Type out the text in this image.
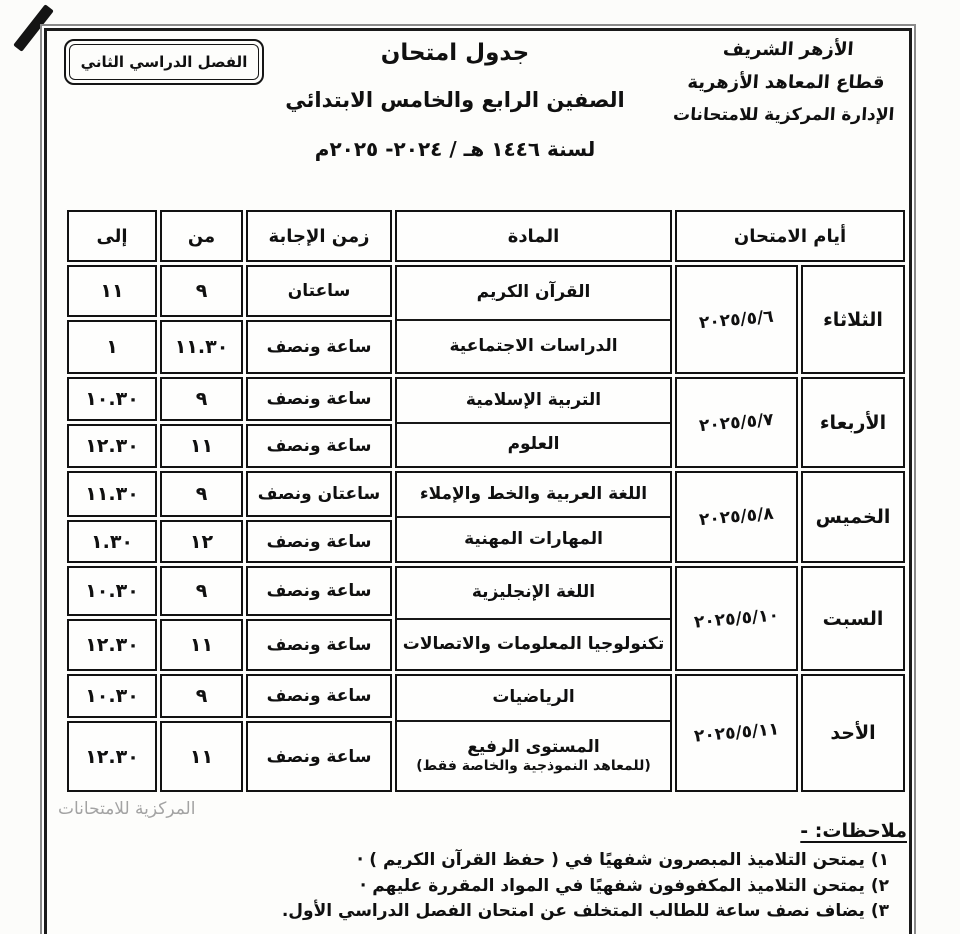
الفصل الدراسي الثاني	جدول امتحان
الصفين الرابع والخامس الابتدائي
لسنة ١٤٤٦ هـ / ٢٠٢٤- ٢٠٢٥م
الأزهر الشريف
قطاع المعاهد الأزهرية
الإدارة المركزية للامتحانات
أيام الامتحان
المادة
زمن الإجابة
من
إلى
الثلاثاء
٢٠٢٥/٥/٦
القرآن الكريم
الدراسات الاجتماعية
ساعتان
٩
١١
ساعة ونصف
١١.٣٠
١
الأربعاء
٢٠٢٥/٥/٧
التربية الإسلامية
العلوم
ساعة ونصف
٩
١٠.٣٠
ساعة ونصف
١١
١٢.٣٠
الخميس
٢٠٢٥/٥/٨
اللغة العربية والخط والإملاء
المهارات المهنية
ساعتان ونصف
٩
١١.٣٠
ساعة ونصف
١٢
١.٣٠
السبت
٢٠٢٥/٥/١٠
اللغة الإنجليزية
تكنولوجيا المعلومات والاتصالات
ساعة ونصف
٩
١٠.٣٠
ساعة ونصف
١١
١٢.٣٠
الأحد
٢٠٢٥/٥/١١
الرياضيات
المستوى الرفيع
(للمعاهد النموذجية والخاصة فقط)
ساعة ونصف
٩
١٠.٣٠
ساعة ونصف
١١
١٢.٣٠
المركزية للامتحانات
ملاحظات: -
١) يمتحن التلاميذ المبصرون شفهيًا في ( حفظ القرآن الكريم ) ·
٢) يمتحن التلاميذ المكفوفون شفهيًا في المواد المقررة عليهم ·
٣) يضاف نصف ساعة للطالب المتخلف عن امتحان الفصل الدراسي الأول.
